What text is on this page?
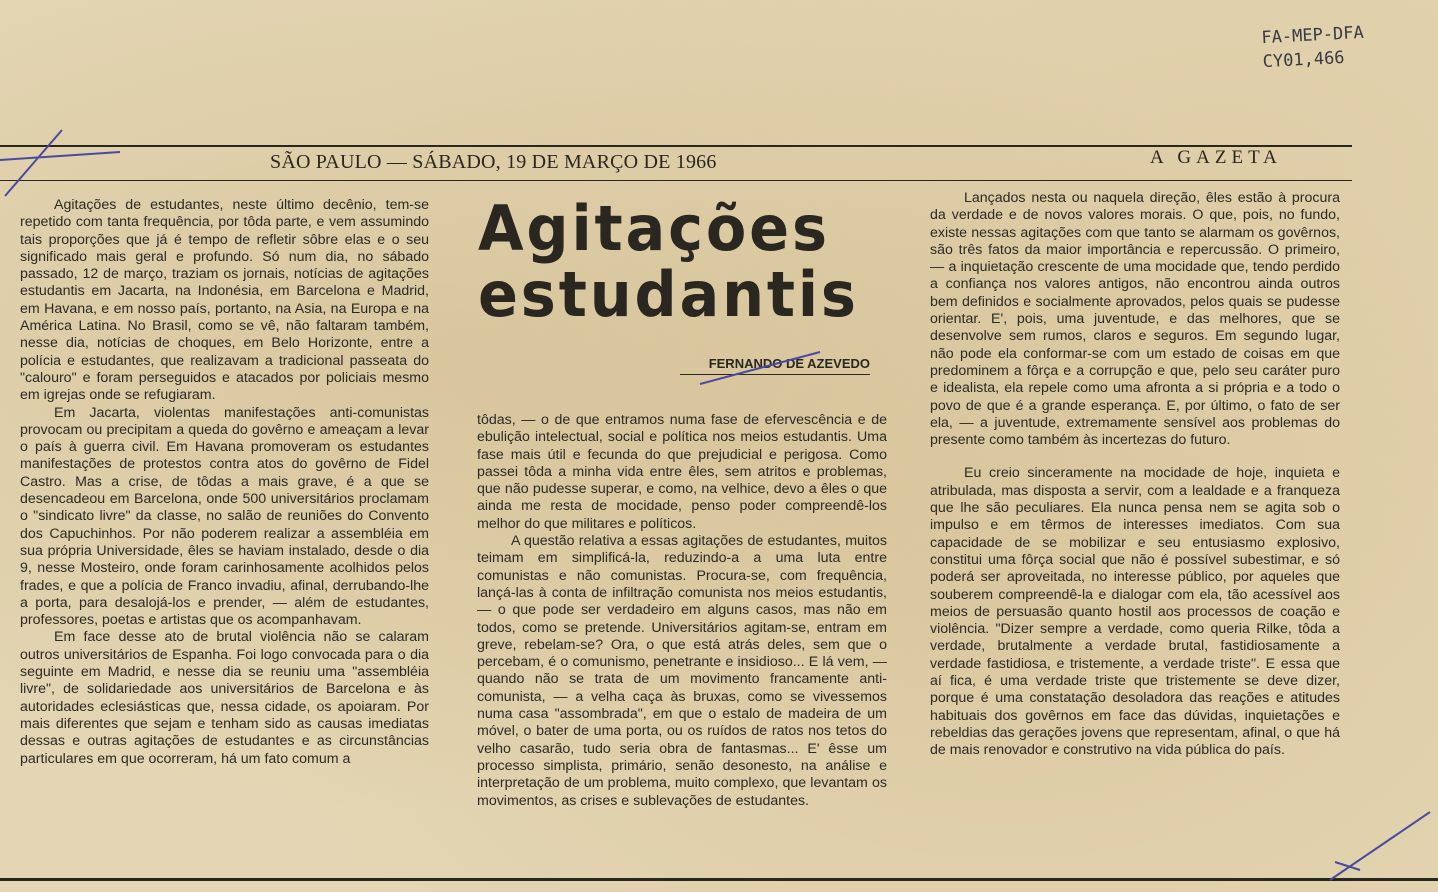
FA-MEP-DFA
CY01,466
SÃO PAULO — SÁBADO, 19 DE MARÇO DE 1966	A GAZETA

Agitações de estudantes, neste último decênio, tem-se repetido com tanta frequência, por tôda parte, e vem assumindo tais proporções que já é tempo de refletir sôbre elas e o seu significado mais geral e profundo. Só num dia, no sábado passado, 12 de março, traziam os jornais, notícias de agitações estudantis em Jacarta, na Indonésia, em Barcelona e Madrid, em Havana, e em nosso país, portanto, na Asia, na Europa e na América Latina. No Brasil, como se vê, não faltaram também, nesse dia, notícias de choques, em Belo Horizonte, entre a polícia e estudantes, que realizavam a tradicional passeata do "calouro" e foram perseguidos e atacados por policiais mesmo em igrejas onde se refugiaram.

Em Jacarta, violentas manifestações anti-comunistas provocam ou precipitam a queda do govêrno e ameaçam a levar o país à guerra civil. Em Havana promoveram os estudantes manifestações de protestos contra atos do govêrno de Fidel Castro. Mas a crise, de tôdas a mais grave, é a que se desencadeou em Barcelona, onde 500 universitários proclamam o "sindicato livre" da classe, no salão de reuniões do Convento dos Capuchinhos. Por não poderem realizar a assembléia em sua própria Universidade, êles se haviam instalado, desde o dia 9, nesse Mosteiro, onde foram carinhosamente acolhidos pelos frades, e que a polícia de Franco invadiu, afinal, derrubando-lhe a porta, para desalojá-los e prender, — além de estudantes, professores, poetas e artistas que os acompanhavam.

Em face desse ato de brutal violência não se calaram outros universitários de Espanha. Foi logo convocada para o dia seguinte em Madrid, e nesse dia se reuniu uma "assembléia livre", de solidariedade aos universitários de Barcelona e às autoridades eclesiásticas que, nessa cidade, os apoiaram. Por mais diferentes que sejam e tenham sido as causas imediatas dessas e outras agitações de estudantes e as circunstâncias particulares em que ocorreram, há um fato comum a

Agitações
estudantis
FERNANDO DE AZEVEDO

tôdas, — o de que entramos numa fase de efervescência e de ebulição intelectual, social e política nos meios estudantis. Uma fase mais útil e fecunda do que prejudicial e perigosa. Como passei tôda a minha vida entre êles, sem atritos e problemas, que não pudesse superar, e como, na velhice, devo a êles o que ainda me resta de mocidade, penso poder compreendê-los melhor do que militares e políticos.

A questão relativa a essas agitações de estudantes, muitos teimam em simplificá-la, reduzindo-a a uma luta entre comunistas e não comunistas. Procura-se, com frequência, lançá-las à conta de infiltração comunista nos meios estudantis, — o que pode ser verdadeiro em alguns casos, mas não em todos, como se pretende. Universitários agitam-se, entram em greve, rebelam-se? Ora, o que está atrás deles, sem que o percebam, é o comunismo, penetrante e insidioso... E lá vem, — quando não se trata de um movimento francamente anti-comunista, — a velha caça às bruxas, como se vivessemos numa casa "assombrada", em que o estalo de madeira de um móvel, o bater de uma porta, ou os ruídos de ratos nos tetos do velho casarão, tudo seria obra de fantasmas... E' êsse um processo simplista, primário, senão desonesto, na análise e interpretação de um problema, muito complexo, que levantam os movimentos, as crises e sublevações de estudantes.

Lançados nesta ou naquela direção, êles estão à procura da verdade e de novos valores morais. O que, pois, no fundo, existe nessas agitações com que tanto se alarmam os govêrnos, são três fatos da maior importância e repercussão. O primeiro, — a inquietação crescente de uma mocidade que, tendo perdido a confiança nos valores antigos, não encontrou ainda outros bem definidos e socialmente aprovados, pelos quais se pudesse orientar. E', pois, uma juventude, e das melhores, que se desenvolve sem rumos, claros e seguros. Em segundo lugar, não pode ela conformar-se com um estado de coisas em que predominem a fôrça e a corrupção e que, pelo seu caráter puro e idealista, ela repele como uma afronta a si própria e a todo o povo de que é a grande esperança. E, por último, o fato de ser ela, — a juventude, extremamente sensível aos problemas do presente como também às incertezas do futuro.

Eu creio sinceramente na mocidade de hoje, inquieta e atribulada, mas disposta a servir, com a lealdade e a franqueza que lhe são peculiares. Ela nunca pensa nem se agita sob o impulso e em têrmos de interesses imediatos. Com sua capacidade de se mobilizar e seu entusiasmo explosivo, constitui uma fôrça social que não é possível subestimar, e só poderá ser aproveitada, no interesse público, por aqueles que souberem compreendê-la e dialogar com ela, tão acessível aos meios de persuasão quanto hostil aos processos de coação e violência. "Dizer sempre a verdade, como queria Rilke, tôda a verdade, brutalmente a verdade brutal, fastidiosamente a verdade fastidiosa, e tristemente, a verdade triste". E essa que aí fica, é uma verdade triste que tristemente se deve dizer, porque é uma constatação desoladora das reações e atitudes habituais dos govêrnos em face das dúvidas, inquietações e rebeldias das gerações jovens que representam, afinal, o que há de mais renovador e construtivo na vida pública do país.
